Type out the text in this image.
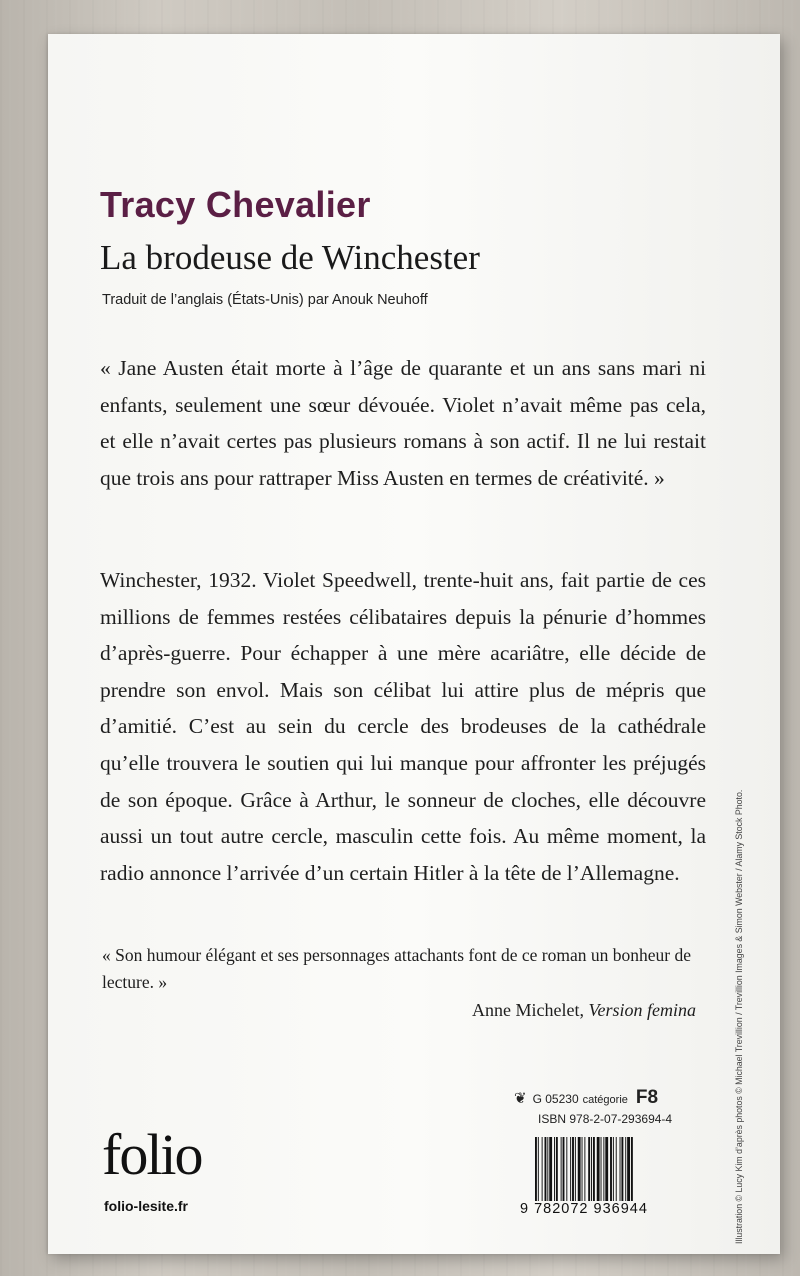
Tracy Chevalier
La brodeuse de Winchester

Traduit de l’anglais (États-Unis) par Anouk Neuhoff

« Jane Austen était morte à l’âge de quarante et un ans sans mari ni enfants, seulement une sœur dévouée. Violet n’avait même pas cela, et elle n’avait certes pas plusieurs romans à son actif. Il ne lui restait que trois ans pour rattraper Miss Austen en termes de créativité. »

Winchester, 1932. Violet Speedwell, trente-huit ans, fait partie de ces millions de femmes restées célibataires depuis la pénurie d’hommes d’après-guerre. Pour échapper à une mère acariâtre, elle décide de prendre son envol. Mais son célibat lui attire plus de mépris que d’amitié. C’est au sein du cercle des brodeuses de la cathédrale qu’elle trouvera le soutien qui lui manque pour affronter les préjugés de son époque. Grâce à Arthur, le sonneur de cloches, elle découvre aussi un tout autre cercle, masculin cette fois. Au même moment, la radio annonce l’arrivée d’un certain Hitler à la tête de l’Allemagne.

« Son humour élégant et ses personnages attachants font de ce roman un bonheur de lecture. »

Anne Michelet, Version femina

❦ G 05230 catégorie F8
ISBN 978-2-07-293694-4
9 782072 936944

folio

folio-lesite.fr	Illustration © Lucy Kim d’après photos © Michael Trevillion / Trevillion Images & Simon Webster / Alamy Stock Photo.
